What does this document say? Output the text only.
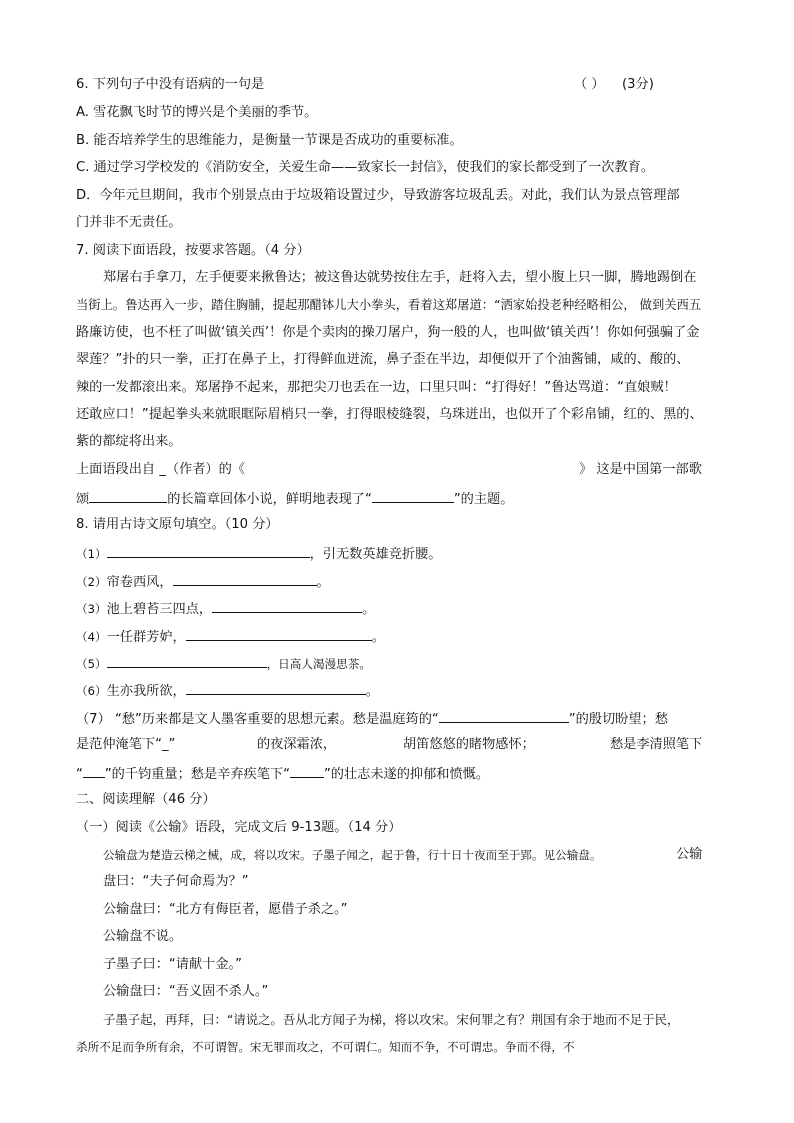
6. 下列句子中没有语病的一句是	（ ） (3分)
A. 雪花飘飞时节的博兴是个美丽的季节。
B. 能否培养学生的思维能力，是衡量一节课是否成功的重要标准。
C. 通过学习学校发的《消防安全，关爱生命——致家长一封信》，使我们的家长都受到了一次教育。
D．今年元旦期间，我市个别景点由于垃圾箱设置过少，导致游客垃圾乱丢。对此，我们认为景点管理部
门并非不无责任。
7. 阅读下面语段，按要求答题。（4 分）
郑屠右手拿刀，左手便要来揪鲁达；被这鲁达就势按住左手，赶将入去，望小腹上只一脚，腾地踢倒在
当街上。鲁达再入一步，踏住胸脯，提起那醋钵儿大小拳头，看着这郑屠道：“洒家始投老种经略相公， 做到关西五
路廉访使，也不枉了叫做‘镇关西’！你是个卖肉的操刀屠户，狗一般的人，也叫做‘镇关西’！你如何强骗了金
翠莲？”扑的只一拳，正打在鼻子上，打得鲜血迸流，鼻子歪在半边，却便似开了个油酱铺，咸的、酸的、
辣的一发都滚出来。郑屠挣不起来，那把尖刀也丢在一边，口里只叫：“打得好！”鲁达骂道：“直娘贼！
还敢应口！”提起拳头来就眼眶际眉梢只一拳，打得眼棱缝裂，乌珠迸出，也似开了个彩帛铺，红的、黑的、
紫的都绽将出来。
上面语段出自 _（作者）的《	》 这是中国第一部歌
颂	的长篇章回体小说，鲜明地表现了“	”的主题。
8. 请用古诗文原句填空。（10 分）
（1）	，引无数英雄竞折腰。
（2）帘卷西风，	。
（3）池上碧苔三四点，	。
（4）一任群芳妒，	。
（5）	，日高人渴漫思茶。
（6）生亦我所欲，	。
（7） “愁”历来都是文人墨客重要的思想元素。愁是温庭筠的“	”的殷切盼望；愁
是范仲淹笔下“_”	的夜深霜浓，	胡笛悠悠的睹物感怀；	愁是李清照笔下
“ ”的千钧重量；愁是辛弃疾笔下“	”的壮志未遂的抑郁和愤慨。
二、阅读理解（46 分）
（一）阅读《公输》语段，完成文后 9-13题。（14 分）
公输盘为楚造云梯之械，成，将以攻宋。子墨子闻之，起于鲁，行十日十夜而至于郢。见公输盘。	公输
盘曰：“夫子何命焉为？”
公输盘曰：“北方有侮臣者，愿借子杀之。”
公输盘不说。
子墨子曰：“请献十金。”
公输盘曰：“吾义固不杀人。”
子墨子起，再拜，曰：“请说之。吾从北方闻子为梯，将以攻宋。宋何罪之有？荆国有余于地而不足于民，
杀所不足而争所有余，不可谓智。宋无罪而攻之，不可谓仁。知而不争，不可谓忠。争而不得，不
